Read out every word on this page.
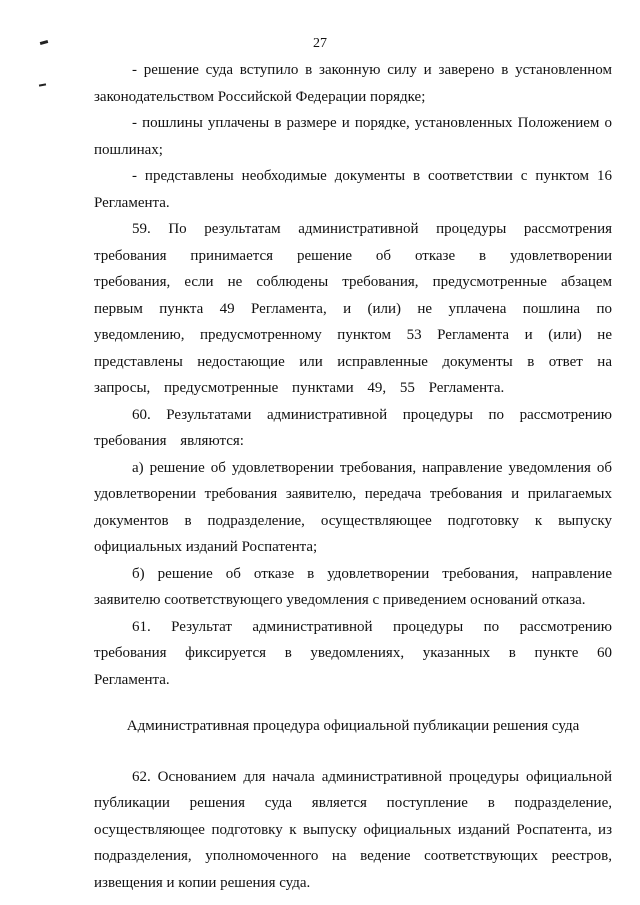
27

- решение суда вступило в законную силу и заверено в установленном законодательством Российской Федерации порядке;

- пошлины уплачены в размере и порядке, установленных Положением о пошлинах;

- представлены необходимые документы в соответствии с пунктом 16 Регламента.

59. По результатам административной процедуры рассмотрения требования принимается решение об отказе в удовлетворении требования, если не соблюдены требования, предусмотренные абзацем первым пункта 49 Регламента, и (или) не уплачена пошлина по уведомлению, предусмотренному пунктом 53 Регламента и (или) не представлены недостающие или исправленные документы в ответ на запросы, предусмотренные пунктами 49, 55 Регламента.

60. Результатами административной процедуры по рассмотрению требования являются:

а) решение об удовлетворении требования, направление уведомления об удовлетворении требования заявителю, передача требования и прилагаемых документов в подразделение, осуществляющее подготовку к выпуску официальных изданий Роспатента;

б) решение об отказе в удовлетворении требования, направление заявителю соответствующего уведомления с приведением оснований отказа.

61. Результат административной процедуры по рассмотрению требования фиксируется в уведомлениях, указанных в пункте 60 Регламента.

Административная процедура официальной публикации решения суда

62. Основанием для начала административной процедуры официальной публикации решения суда является поступление в подразделение, осуществляющее подготовку к выпуску официальных изданий Роспатента, из подразделения, уполномоченного на ведение соответствующих реестров, извещения и копии решения суда.
